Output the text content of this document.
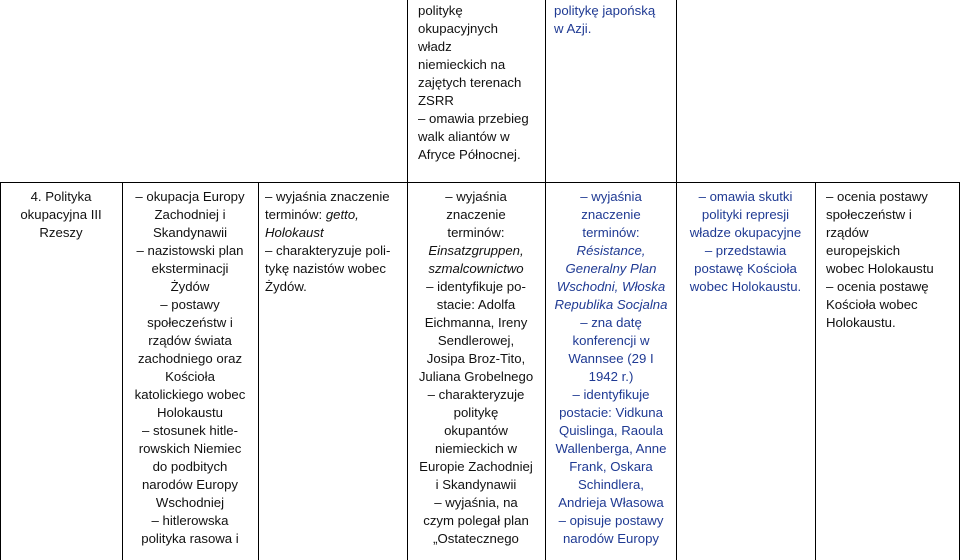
politykę
okupacyjnych
władz
niemieckich na
zajętych terenach
ZSRR
– omawia przebieg
walk aliantów w
Afryce Północnej.
politykę japońską
w Azji.
4. Polityka
okupacyjna III
Rzeszy
– okupacja Europy
Zachodniej i
Skandynawii
– nazistowski plan
eksterminacji
Żydów
– postawy
społeczeństw i
rządów świata
zachodniego oraz
Kościoła
katolickiego wobec
Holokaustu
– stosunek hitle-
rowskich Niemiec
do podbitych
narodów Europy
Wschodniej
– hitlerowska
polityka rasowa i
– wyjaśnia znaczenie
terminów: getto,
Holokaust
– charakteryzuje poli-
tykę nazistów wobec
Żydów.
– wyjaśnia
znaczenie
terminów:
Einsatzgruppen,
szmalcownictwo
– identyfikuje po-
stacie: Adolfa
Eichmanna, Ireny
Sendlerowej,
Josipa Broz-Tito,
Juliana Grobelnego
– charakteryzuje
politykę
okupantów
niemieckich w
Europie Zachodniej
i Skandynawii
– wyjaśnia, na
czym polegał plan
„Ostatecznego
– wyjaśnia
znaczenie
terminów:
Résistance,
Generalny Plan
Wschodni, Włoska
Republika Socjalna
– zna datę
konferencji w
Wannsee (29 I
1942 r.)
– identyfikuje
postacie: Vidkuna
Quislinga, Raoula
Wallenberga, Anne
Frank, Oskara
Schindlera,
Andrieja Własowa
– opisuje postawy
narodów Europy
– omawia skutki
polityki represji
władze okupacyjne
– przedstawia
postawę Kościoła
wobec Holokaustu.
– ocenia postawy
społeczeństw i
rządów
europejskich
wobec Holokaustu
– ocenia postawę
Kościoła wobec
Holokaustu.
